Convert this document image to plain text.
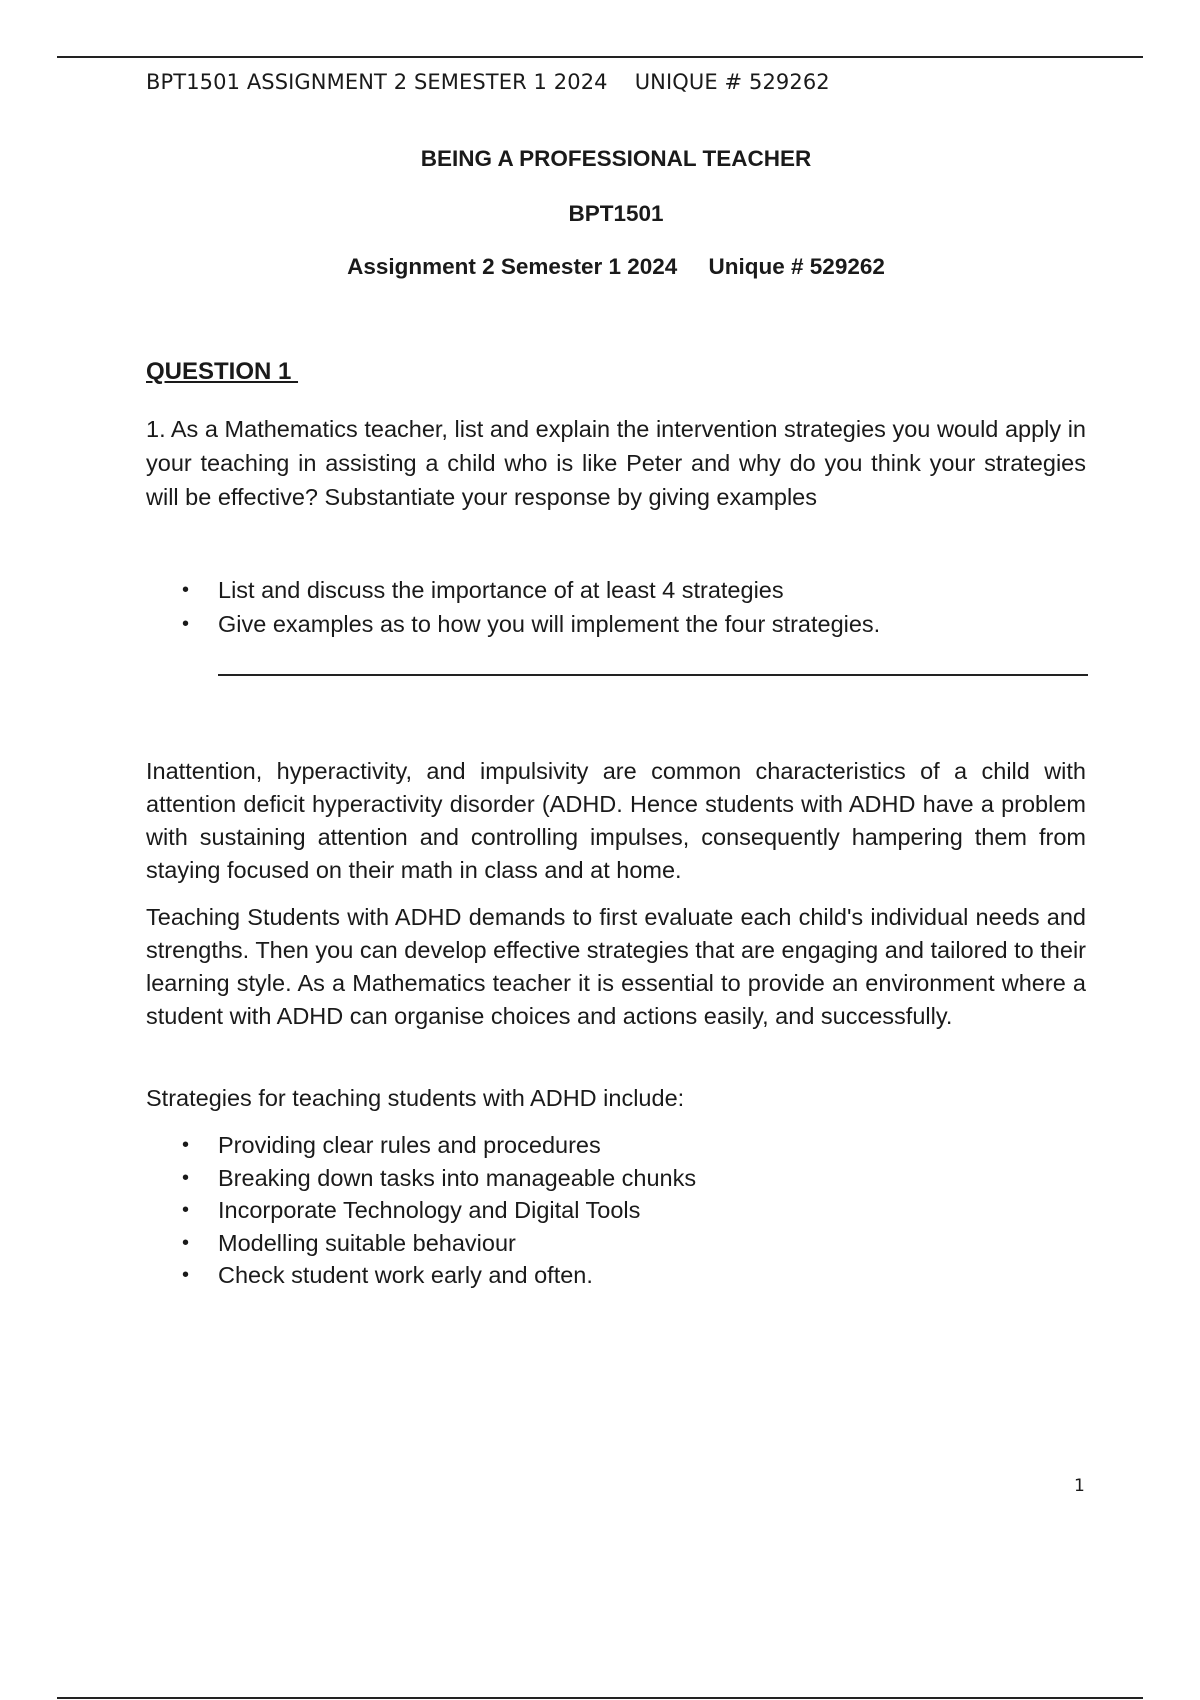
BPT1501 ASSIGNMENT 2 SEMESTER 1 2024    UNIQUE # 529262
BEING A PROFESSIONAL TEACHER
BPT1501
Assignment 2 Semester 1 2024     Unique # 529262
QUESTION 1
1. As a Mathematics teacher, list and explain the intervention strategies you would apply in your teaching in assisting a child who is like Peter and why do you think your strategies will be effective? Substantiate your response by giving examples
• List and discuss the importance of at least 4 strategies
• Give examples as to how you will implement the four strategies.
Inattention, hyperactivity, and impulsivity are common characteristics of a child with attention deficit hyperactivity disorder (ADHD. Hence students with ADHD have a problem with sustaining attention and controlling impulses, consequently hampering them from staying focused on their math in class and at home.
Teaching Students with ADHD demands to first evaluate each child's individual needs and strengths. Then you can develop effective strategies that are engaging and tailored to their learning style. As a Mathematics teacher it is essential to provide an environment where a student with ADHD can organise choices and actions easily, and successfully.
Strategies for teaching students with ADHD include:
• Providing clear rules and procedures
• Breaking down tasks into manageable chunks
• Incorporate Technology and Digital Tools
• Modelling suitable behaviour
• Check student work early and often.
1
